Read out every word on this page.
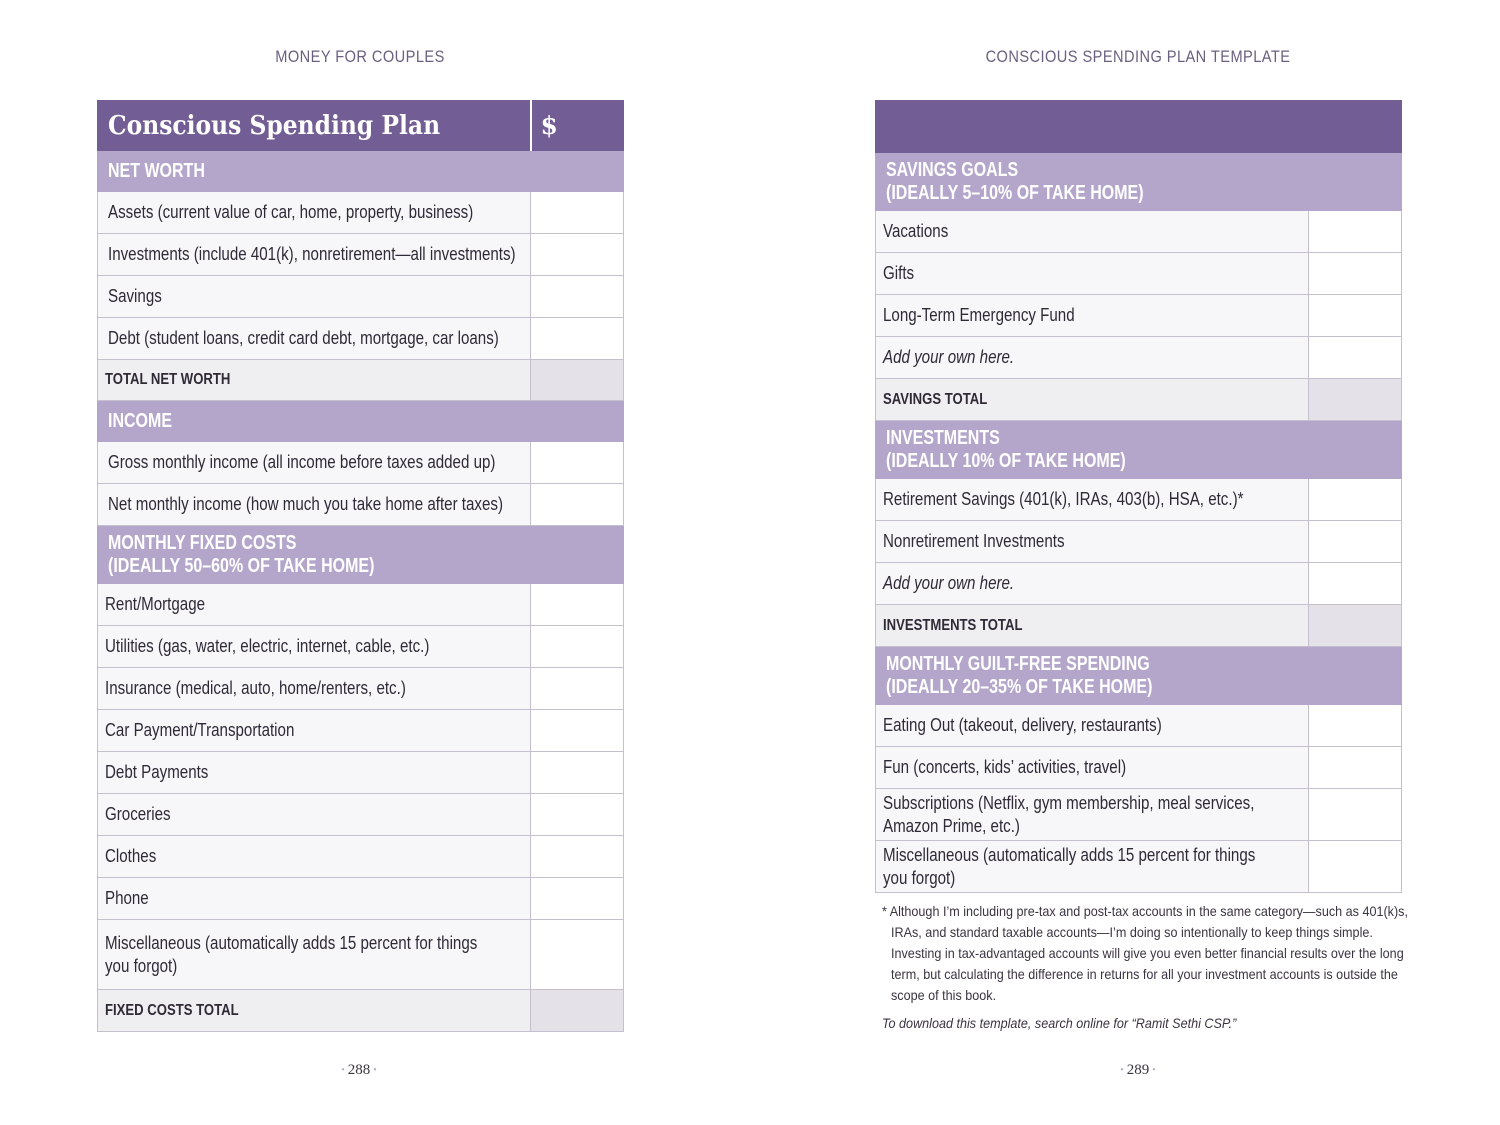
MONEY FOR COUPLES	CONSCIOUS SPENDING PLAN TEMPLATE
Conscious Spending Plan	$
NET WORTH	
Assets (current value of car, home, property, business)	
Investments (include 401(k), nonretirement—all investments)	
Savings	
Debt (student loans, credit card debt, mortgage, car loans)	
TOTAL NET WORTH	
INCOME	
Gross monthly income (all income before taxes added up)	
Net monthly income (how much you take home after taxes)	
MONTHLY FIXED COSTS
(IDEALLY 50–60% OF TAKE HOME)	
Rent/Mortgage	
Utilities (gas, water, electric, internet, cable, etc.)	
Insurance (medical, auto, home/renters, etc.)	
Car Payment/Transportation	
Debt Payments	
Groceries	
Clothes	
Phone	
Miscellaneous (automatically adds 15 percent for things
you forgot)	
FIXED COSTS TOTAL	

SAVINGS GOALS
(IDEALLY 5–10% OF TAKE HOME)	
Vacations	
Gifts	
Long-Term Emergency Fund	
Add your own here.	
SAVINGS TOTAL	
INVESTMENTS
(IDEALLY 10% OF TAKE HOME)	
Retirement Savings (401(k), IRAs, 403(b), HSA, etc.)*	
Nonretirement Investments	
Add your own here.	
INVESTMENTS TOTAL	
MONTHLY GUILT-FREE SPENDING
(IDEALLY 20–35% OF TAKE HOME)	
Eating Out (takeout, delivery, restaurants)	
Fun (concerts, kids’ activities, travel)	
Subscriptions (Netflix, gym membership, meal services,
Amazon Prime, etc.)	
Miscellaneous (automatically adds 15 percent for things
you forgot)	
* Although I’m including pre-tax and post-tax accounts in the same category—such as 401(k)s, IRAs, and standard taxable accounts—I’m doing so intentionally to keep things simple. Investing in tax-advantaged accounts will give you even better financial results over the long term, but calculating the difference in returns for all your investment accounts is outside the scope of this book.
To download this template, search online for “Ramit Sethi CSP.”
• 288 •	• 289 •
